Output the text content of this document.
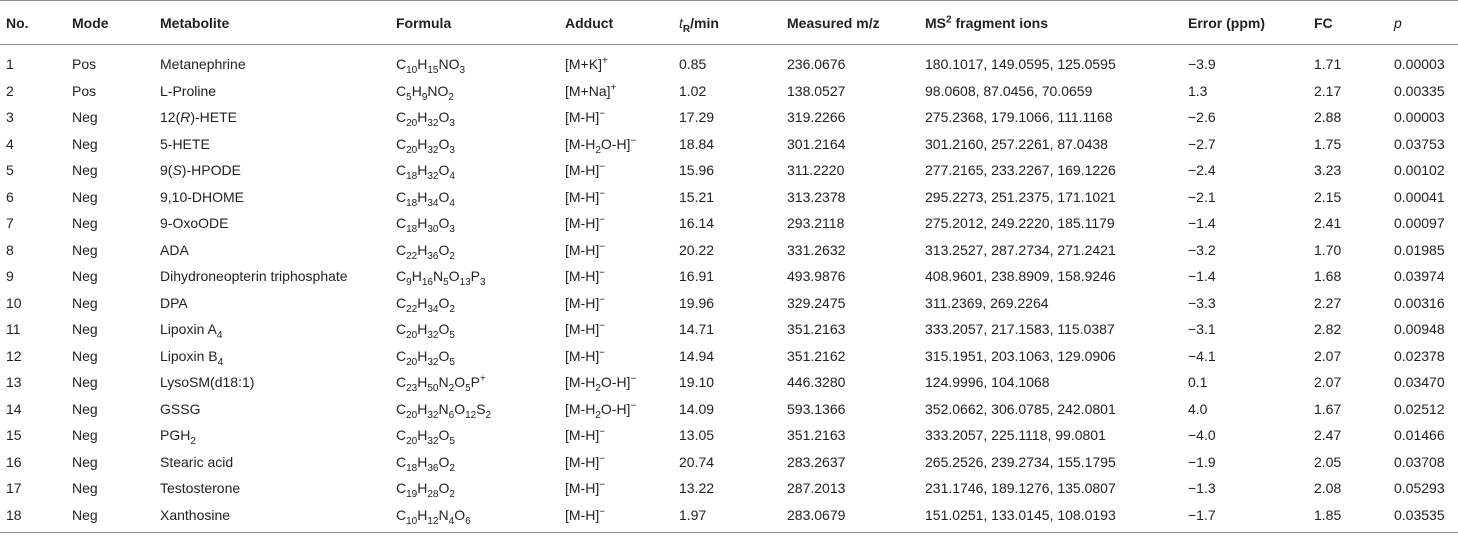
No.	Mode	Metabolite	Formula	Adduct	$t_R/\min$	Measured m/z	$MS^2$ fragment ions	Error (ppm)	FC	p
1	Pos	Metanephrine	$C_{10}H_{15}NO_3$	[M+K]+	0.85	236.0676	180.1017, 149.0595, 125.0595	−3.9	1.71	0.00003
2	Pos	L-Proline	$C_5H_9NO_2$	[M+Na]+	1.02	138.0527	98.0608, 87.0456, 70.0659	1.3	2.17	0.00335
3	Neg	12(R)-HETE	$C_{20}H_{32}O_3$	[M-H]−	17.29	319.2266	275.2368, 179.1066, 111.1168	−2.6	2.88	0.00003
4	Neg	5-HETE	$C_{20}H_{32}O_3$	$[M-H_2O-H]^-$	18.84	301.2164	301.2160, 257.2261, 87.0438	−2.7	1.75	0.03753
5	Neg	9(S)-HPODE	$C_{18}H_{32}O_4$	[M-H]−	15.96	311.2220	277.2165, 233.2267, 169.1226	−2.4	3.23	0.00102
6	Neg	9,10-DHOME	$C_{18}H_{34}O_4$	[M-H]−	15.21	313.2378	295.2273, 251.2375, 171.1021	−2.1	2.15	0.00041
7	Neg	9-OxoODE	$C_{18}H_{30}O_3$	[M-H]−	16.14	293.2118	275.2012, 249.2220, 185.1179	−1.4	2.41	0.00097
8	Neg	ADA	$C_{22}H_{36}O_2$	[M-H]−	20.22	331.2632	313.2527, 287.2734, 271.2421	−3.2	1.70	0.01985
9	Neg	Dihydroneopterin triphosphate	$C_9H_{16}N_5O_{13}P_3$	[M-H]−	16.91	493.9876	408.9601, 238.8909, 158.9246	−1.4	1.68	0.03974
10	Neg	DPA	$C_{22}H_{34}O_2$	[M-H]−	19.96	329.2475	311.2369, 269.2264	−3.3	2.27	0.00316
11	Neg	Lipoxin $A_4$	$C_{20}H_{32}O_5$	[M-H]−	14.71	351.2163	333.2057, 217.1583, 115.0387	−3.1	2.82	0.00948
12	Neg	Lipoxin $B_4$	$C_{20}H_{32}O_5$	[M-H]−	14.94	351.2162	315.1951, 203.1063, 129.0906	−4.1	2.07	0.02378
13	Neg	LysoSM(d18:1)	$C_{23}H_{50}N_2O_5P^+$	$[M-H_2O-H]^-$	19.10	446.3280	124.9996, 104.1068	0.1	2.07	0.03470
14	Neg	GSSG	$C_{20}H_{32}N_6O_{12}S_2$	$[M-H_2O-H]^-$	14.09	593.1366	352.0662, 306.0785, 242.0801	4.0	1.67	0.02512
15	Neg	$PGH_2$	$C_{20}H_{32}O_5$	[M-H]−	13.05	351.2163	333.2057, 225.1118, 99.0801	−4.0	2.47	0.01466
16	Neg	Stearic acid	$C_{18}H_{36}O_2$	[M-H]−	20.74	283.2637	265.2526, 239.2734, 155.1795	−1.9	2.05	0.03708
17	Neg	Testosterone	$C_{19}H_{28}O_2$	[M-H]−	13.22	287.2013	231.1746, 189.1276, 135.0807	−1.3	2.08	0.05293
18	Neg	Xanthosine	$C_{10}H_{12}N_4O_6$	[M-H]−	1.97	283.0679	151.0251, 133.0145, 108.0193	−1.7	1.85	0.03535
